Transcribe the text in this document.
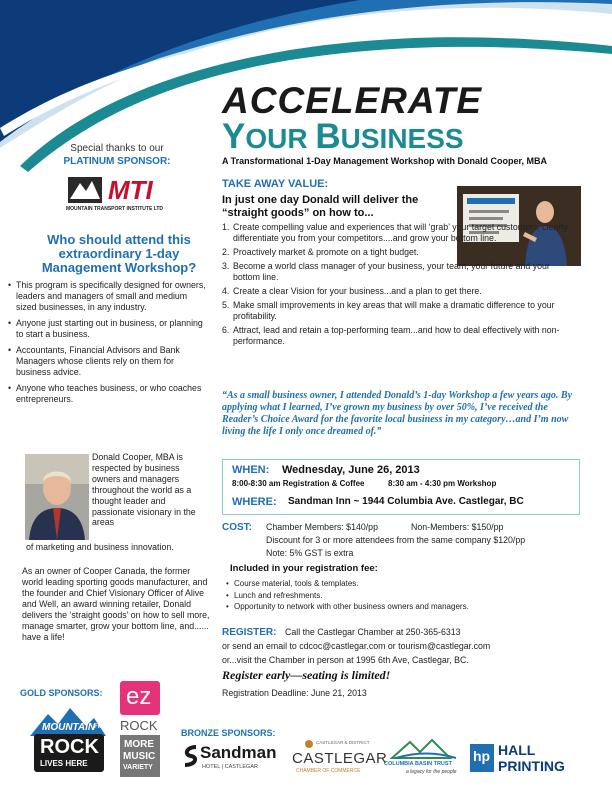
ACCELERATE
YOUR BUSINESS
A Transformational 1-Day Management Workshop with Donald Cooper, MBA
Special thanks to our
PLATINUM SPONSOR:
MTI
MOUNTAIN TRANSPORT INSTITUTE LTD
Who should attend this extraordinary 1-day Management Workshop?
• This program is specifically designed for owners, leaders and managers of small and medium sized businesses, in any industry.
• Anyone just starting out in business, or planning to start a business.
• Accountants, Financial Advisors and Bank Managers whose clients rely on them for business advice.
• Anyone who teaches business, or who coaches entrepreneurs.
Donald Cooper, MBA is respected by business owners and managers throughout the world as a thought leader and passionate visionary in the areas
of marketing and business innovation.
As an owner of Cooper Canada, the former world leading sporting goods manufacturer, and the founder and Chief Visionary Officer of Alive and Well, an award winning retailer, Donald delivers the ‘straight goods’ on how to sell more, manage smarter, grow your bottom line, and...... have a life!
GOLD SPONSORS:
MOUNTAIN
FM
ROCK
LIVES HERE
ez
ROCK
MORE
MUSIC
VARIETY
TAKE AWAY VALUE:
In just one day Donald will deliver the “straight goods” on how to...
1. Create compelling value and experiences that will ‘grab’ your target customers, clearly differentiate you from your competitors....and grow your bottom line.
2. Proactively market & promote on a tight budget.
3. Become a world class manager of your business, your team, your future and your bottom line.
4. Create a clear Vision for your business...and a plan to get there.
5. Make small improvements in key areas that will make a dramatic difference to your profitability.
6. Attract, lead and retain a top-performing team...and how to deal effectively with non-performance.
“As a small business owner, I attended Donald’s 1-day Workshop a few years ago. By applying what I learned, I’ve grown my business by over 50%, I’ve received the Reader’s Choice Award for the favorite local business in my category…and I’m now living the life I only once dreamed of.”
WHEN: Wednesday, June 26, 2013
8:00-8:30 am Registration & Coffee	8:30 am - 4:30 pm Workshop
WHERE: Sandman Inn ~ 1944 Columbia Ave. Castlegar, BC
COST: Chamber Members: $140/pp	Non-Members: $150/pp
Discount for 3 or more attendees from the same company $120/pp
Note: 5% GST is extra
Included in your registration fee:
• Course material, tools & templates.
• Lunch and refreshments.
• Opportunity to network with other business owners and managers.
REGISTER: Call the Castlegar Chamber at 250-365-6313
or send an email to cdcoc@castlegar.com or tourism@castlegar.com
or...visit the Chamber in person at 1995 6th Ave, Castlegar, BC.
Register early—seating is limited!
Registration Deadline: June 21, 2013
BRONZE SPONSORS:
Sandman
HOTEL | CASTLEGAR
CASTLEGAR & DISTRICT
CASTLEGAR
CHAMBER OF COMMERCE
COLUMBIA BASIN TRUST
a legacy for the people
hp HALL
PRINTING
